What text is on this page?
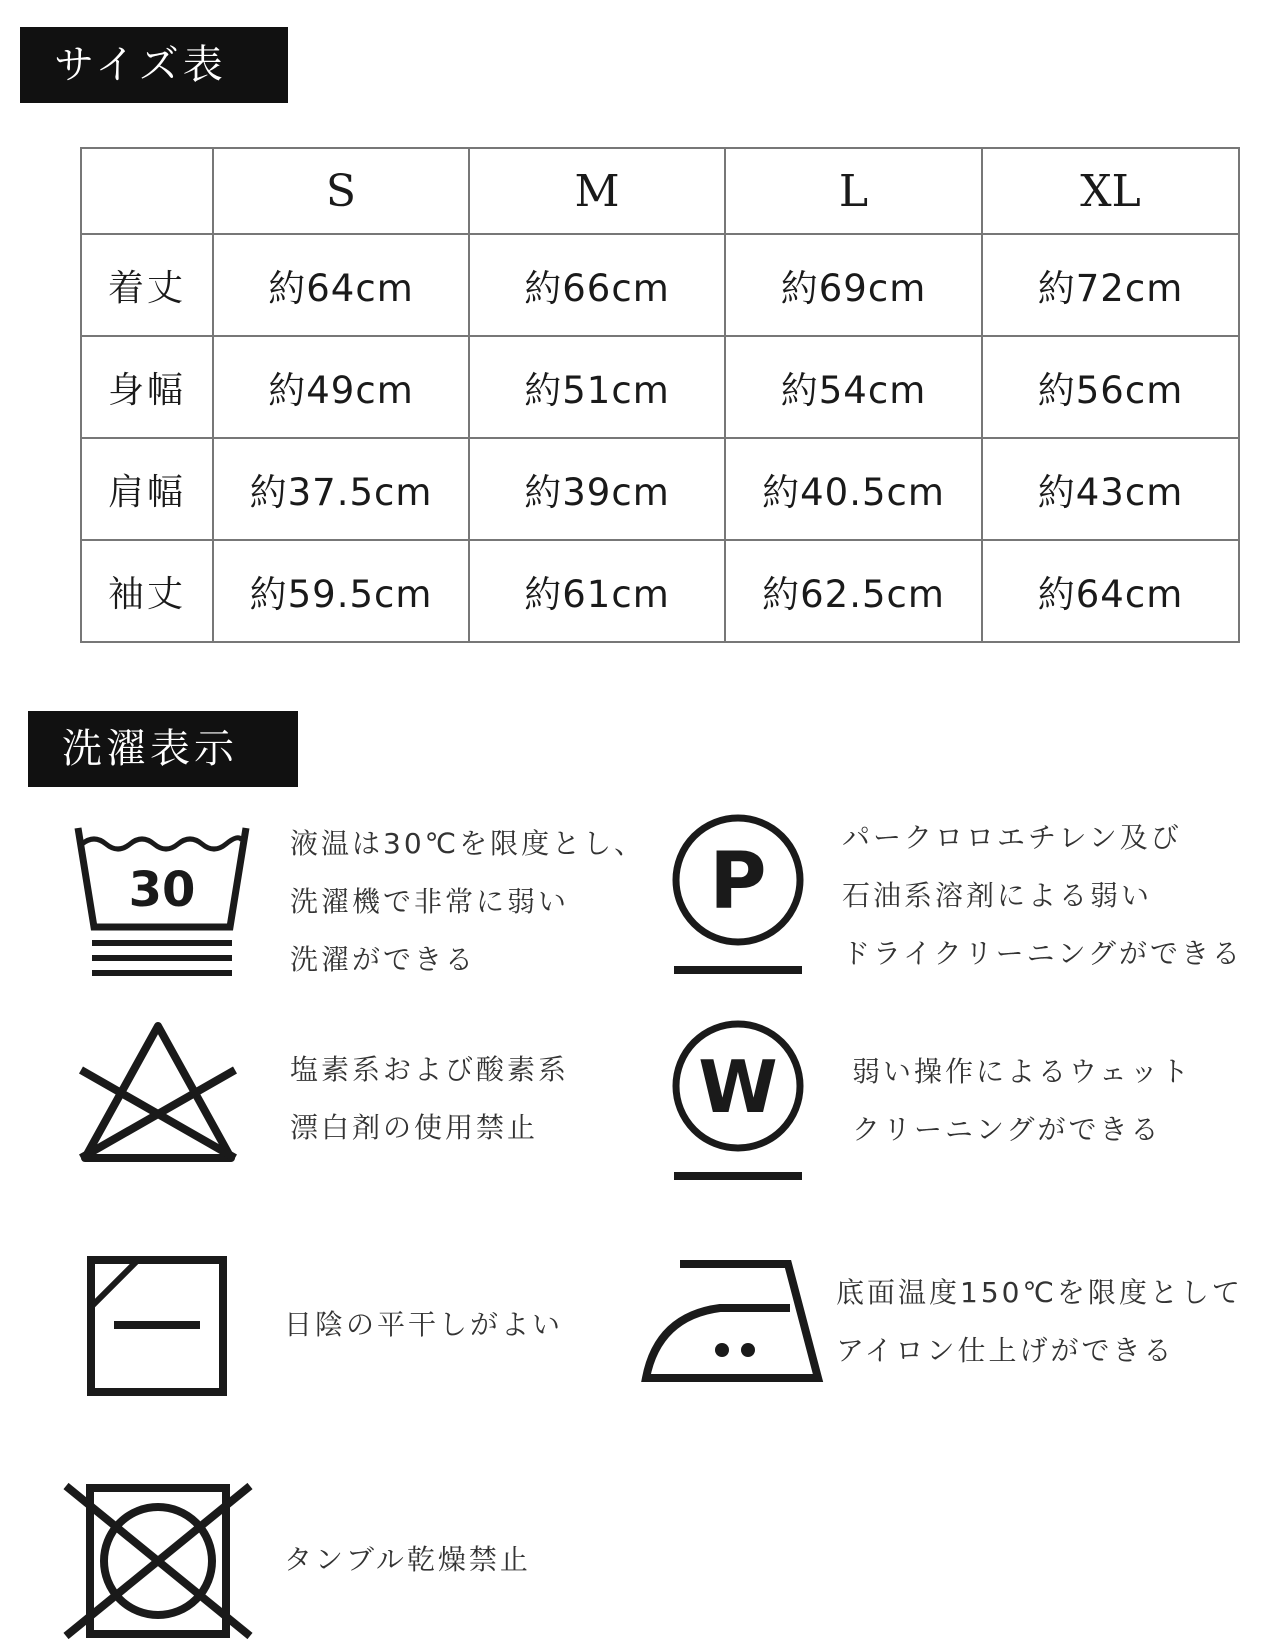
サイズ表
	S	M	L	XL
着丈	約64cm	約66cm	約69cm	約72cm
身幅	約49cm	約51cm	約54cm	約56cm
肩幅	約37.5cm	約39cm	約40.5cm	約43cm
袖丈	約59.5cm	約61cm	約62.5cm	約64cm
洗濯表示
30
液温は30℃を限度とし、
洗濯機で非常に弱い
洗濯ができる
P	パークロロエチレン及び
石油系溶剤による弱い
ドライクリーニングができる
塩素系および酸素系
漂白剤の使用禁止	W	弱い操作によるウェット
クリーニングができる
日陰の平干しがよい
底面温度150℃を限度として
アイロン仕上げができる
タンブル乾燥禁止
